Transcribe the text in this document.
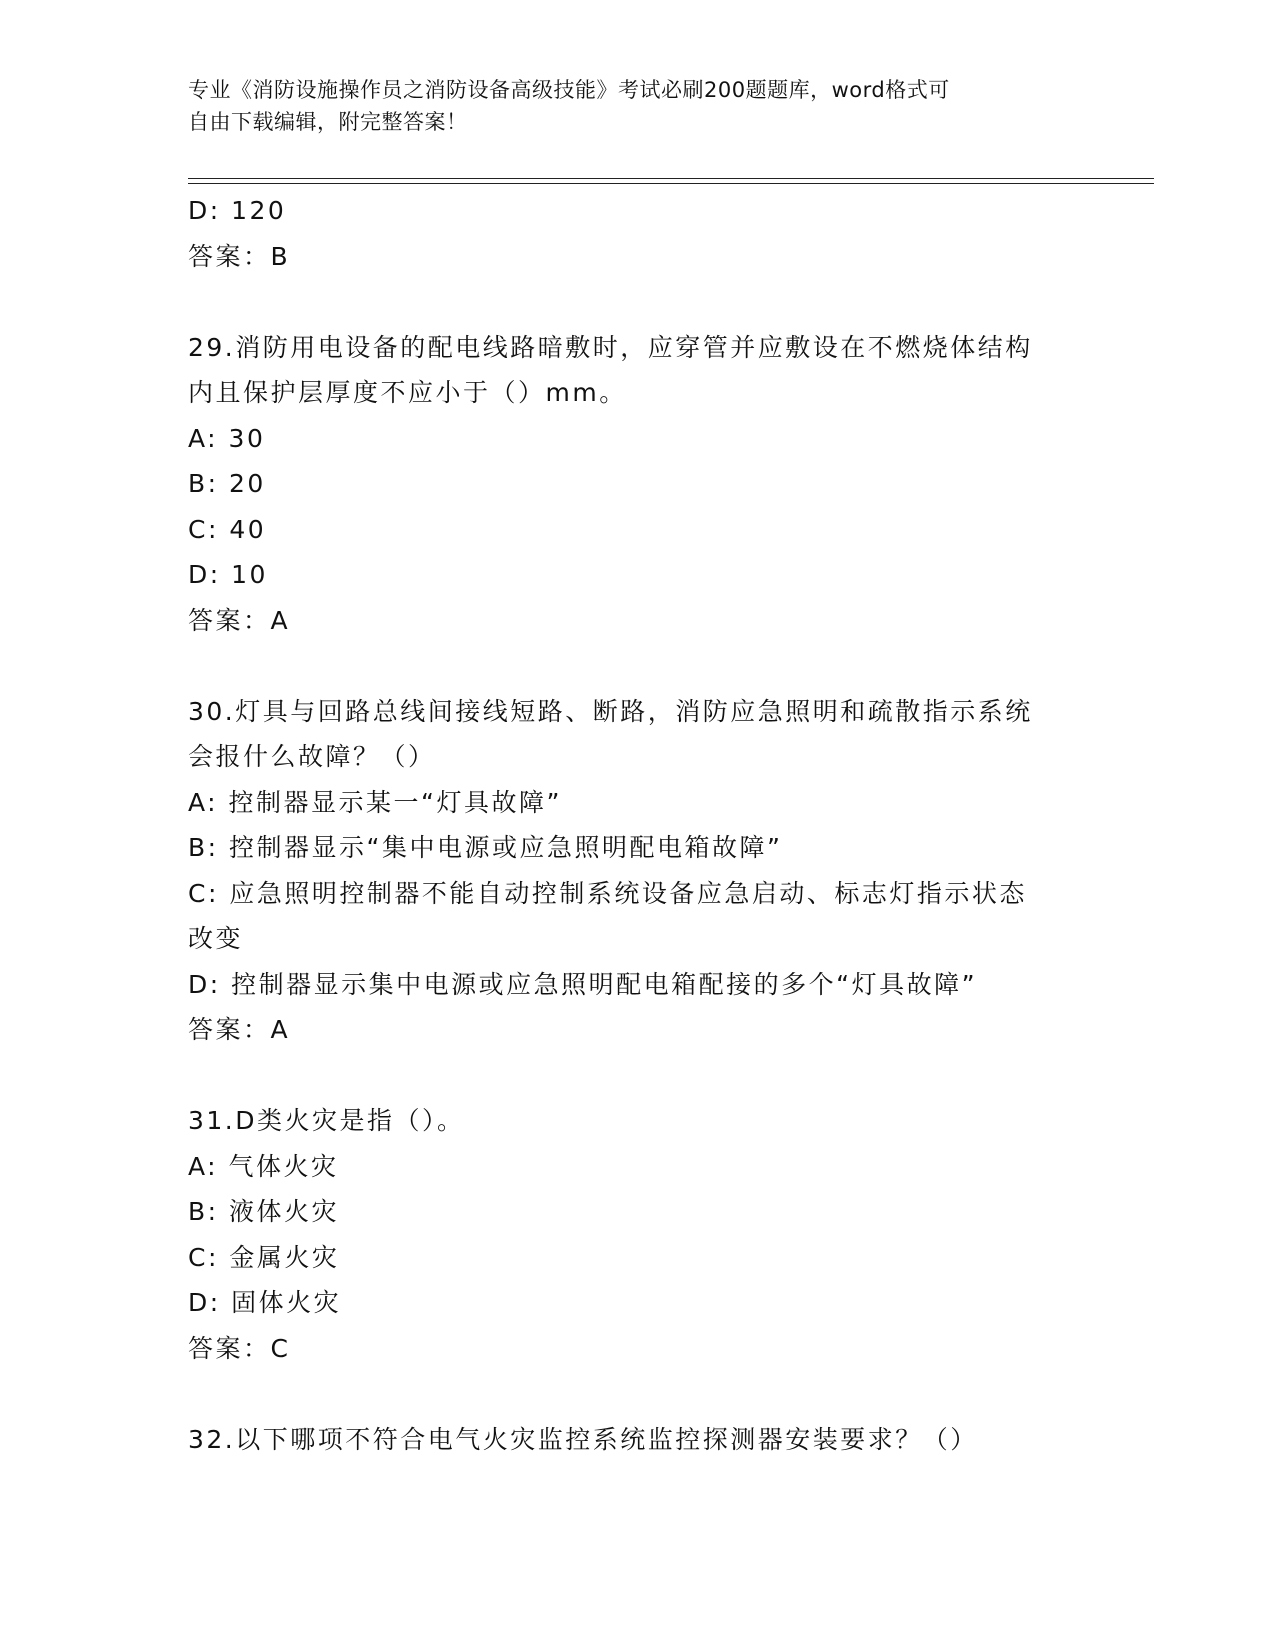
专业《消防设施操作员之消防设备高级技能》考试必刷200题题库，word格式可
自由下载编辑，附完整答案！
D: 120
答案：B
29.消防用电设备的配电线路暗敷时，应穿管并应敷设在不燃烧体结构
内且保护层厚度不应小于（）mm。
A: 30
B: 20
C: 40
D: 10
答案：A
30.灯具与回路总线间接线短路、断路，消防应急照明和疏散指示系统
会报什么故障？（）
A: 控制器显示某一“灯具故障”
B: 控制器显示“集中电源或应急照明配电箱故障”
C: 应急照明控制器不能自动控制系统设备应急启动、标志灯指示状态
改变
D: 控制器显示集中电源或应急照明配电箱配接的多个“灯具故障”
答案：A
31.D类火灾是指（）。
A: 气体火灾
B: 液体火灾
C: 金属火灾
D: 固体火灾
答案：C
32.以下哪项不符合电气火灾监控系统监控探测器安装要求？（）
